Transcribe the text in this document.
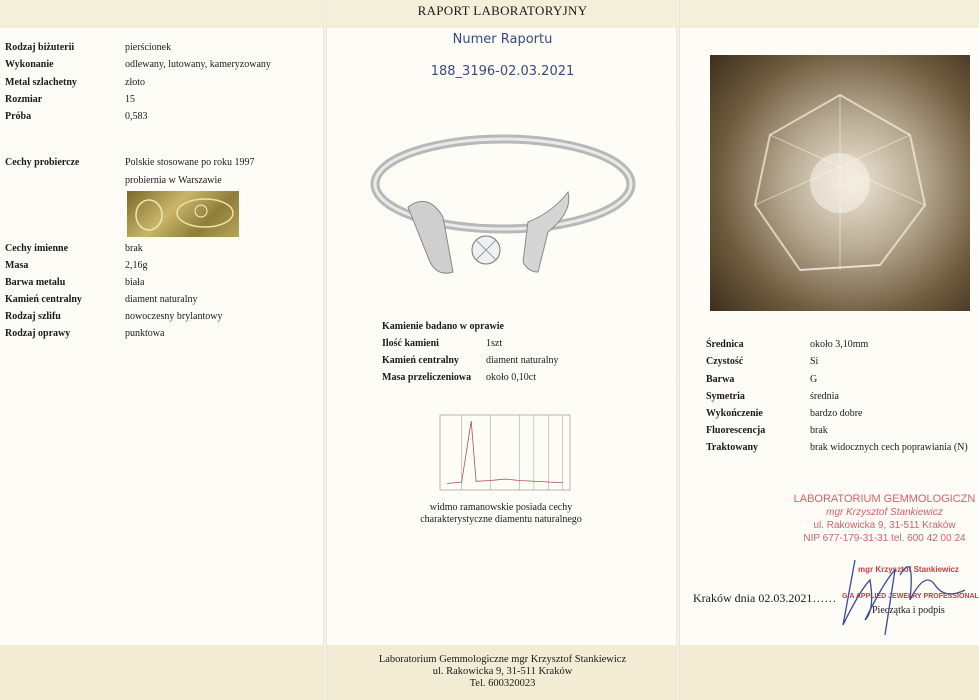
RAPORT LABORATORYJNY
Numer Raportu
188_3196-02.03.2021
Rodzaj biżuterii	pierścionek
Wykonanie	odlewany, lutowany, kameryzowany
Metal szlachetny	złoto
Rozmiar	15
Próba	0,583
Cechy probiercze	Polskie stosowane po roku 1997
probiernia w Warszawie
Cechy imienne	brak
Masa	2,16g
Barwa metalu	biała
Kamień centralny	diament naturalny
Rodzaj szlifu	nowoczesny brylantowy
Rodzaj oprawy	punktowa
Kamienie badano w oprawie
Ilość kamieni	1szt
Kamień centralny	diament naturalny
Masa przeliczeniowa około 0,10ct
widmo ramanowskie posiada cechy
charakterystyczne diamentu naturalnego
Średnica	około 3,10mm
Czystość	Si
Barwa	G
Symetria	średnia
Wykończenie	bardzo dobre
Fluorescencja	brak
Traktowany	brak widocznych cech poprawiania (N)
LABORATORIUM GEMMOLOGICZN
mgr Krzysztof Stankiewicz
ul. Rakowicka 9, 31-511 Kraków
NIP 677-179-31-31 tel. 600 42 00 24
mgr Krzysztof Stankiewicz
Kraków dnia 02.03.2021…… GIA APPLIED JEWELRY PROFESSIONAL
Pieczątka i podpis
Laboratorium Gemmologiczne mgr Krzysztof Stankiewicz
ul. Rakowicka 9, 31-511 Kraków
Tel. 600320023
